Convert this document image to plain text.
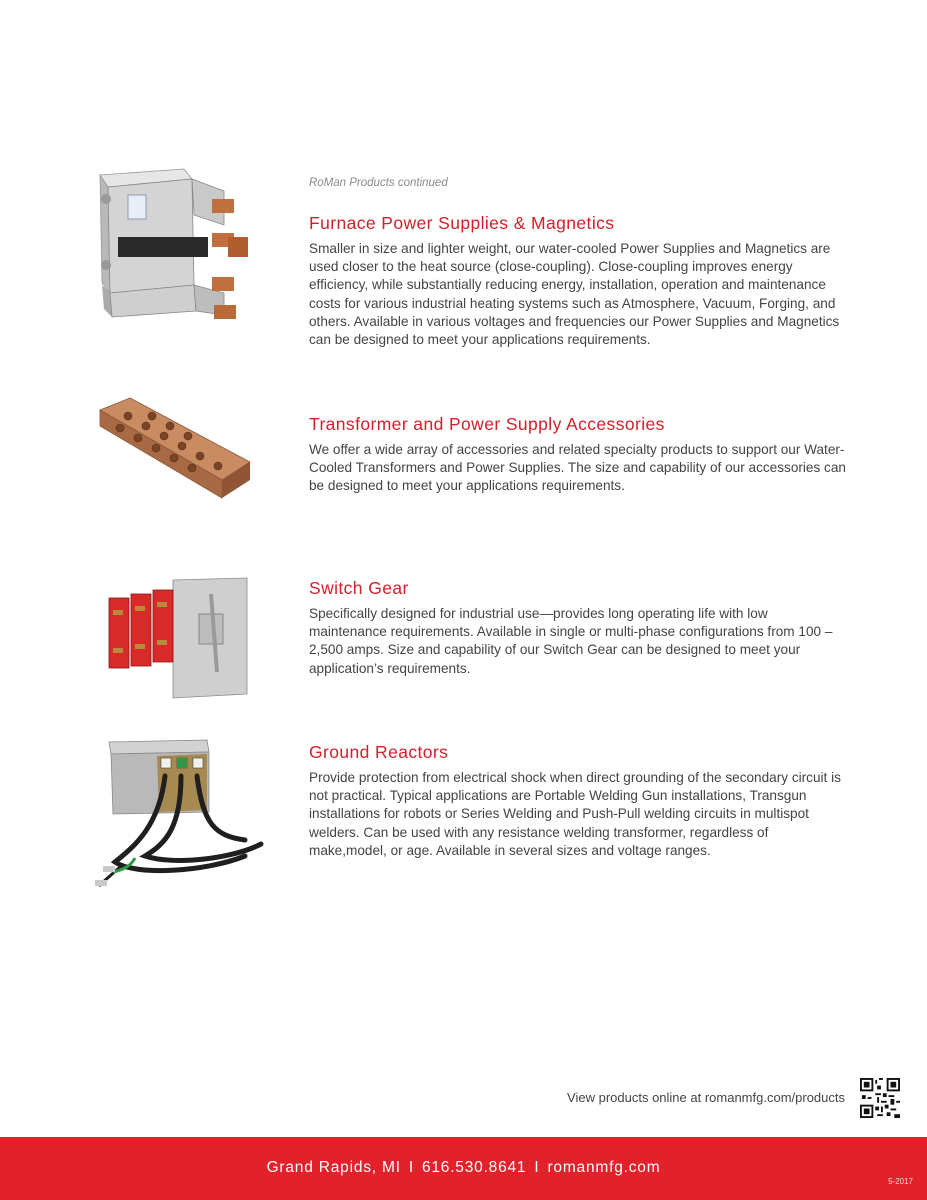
RoMan Products continued
Furnace Power Supplies & Magnetics

Smaller in size and lighter weight, our water-cooled Power Supplies and Magnetics are used closer to the heat source (close-coupling). Close-coupling improves energy efficiency, while substantially reducing energy, installation, operation and maintenance costs for various industrial heating systems such as Atmosphere, Vacuum, Forging, and others. Available in various voltages and frequencies our Power Supplies and Magnetics can be designed to meet your applications requirements.

Transformer and Power Supply Accessories

We offer a wide array of accessories and related specialty products to support our Water-Cooled Transformers and Power Supplies. The size and capability of our accessories can be designed to meet your applications requirements.

Switch Gear

Specifically designed for industrial use—provides long operating life with low maintenance requirements. Available in single or multi-phase configurations from 100 – 2,500 amps. Size and capability of our Switch Gear can be designed to meet your application’s requirements.

Ground Reactors

Provide protection from electrical shock when direct grounding of the secondary circuit is not practical. Typical applications are Portable Welding Gun installations, Transgun installations for robots or Series Welding and Push-Pull welding circuits in multispot welders. Can be used with any resistance welding transformer, regardless of make,model, or age. Available in several sizes and voltage ranges.

View products online at romanmfg.com/products
Grand Rapids, MI I 616.530.8641 I romanmfg.com
5-2017
